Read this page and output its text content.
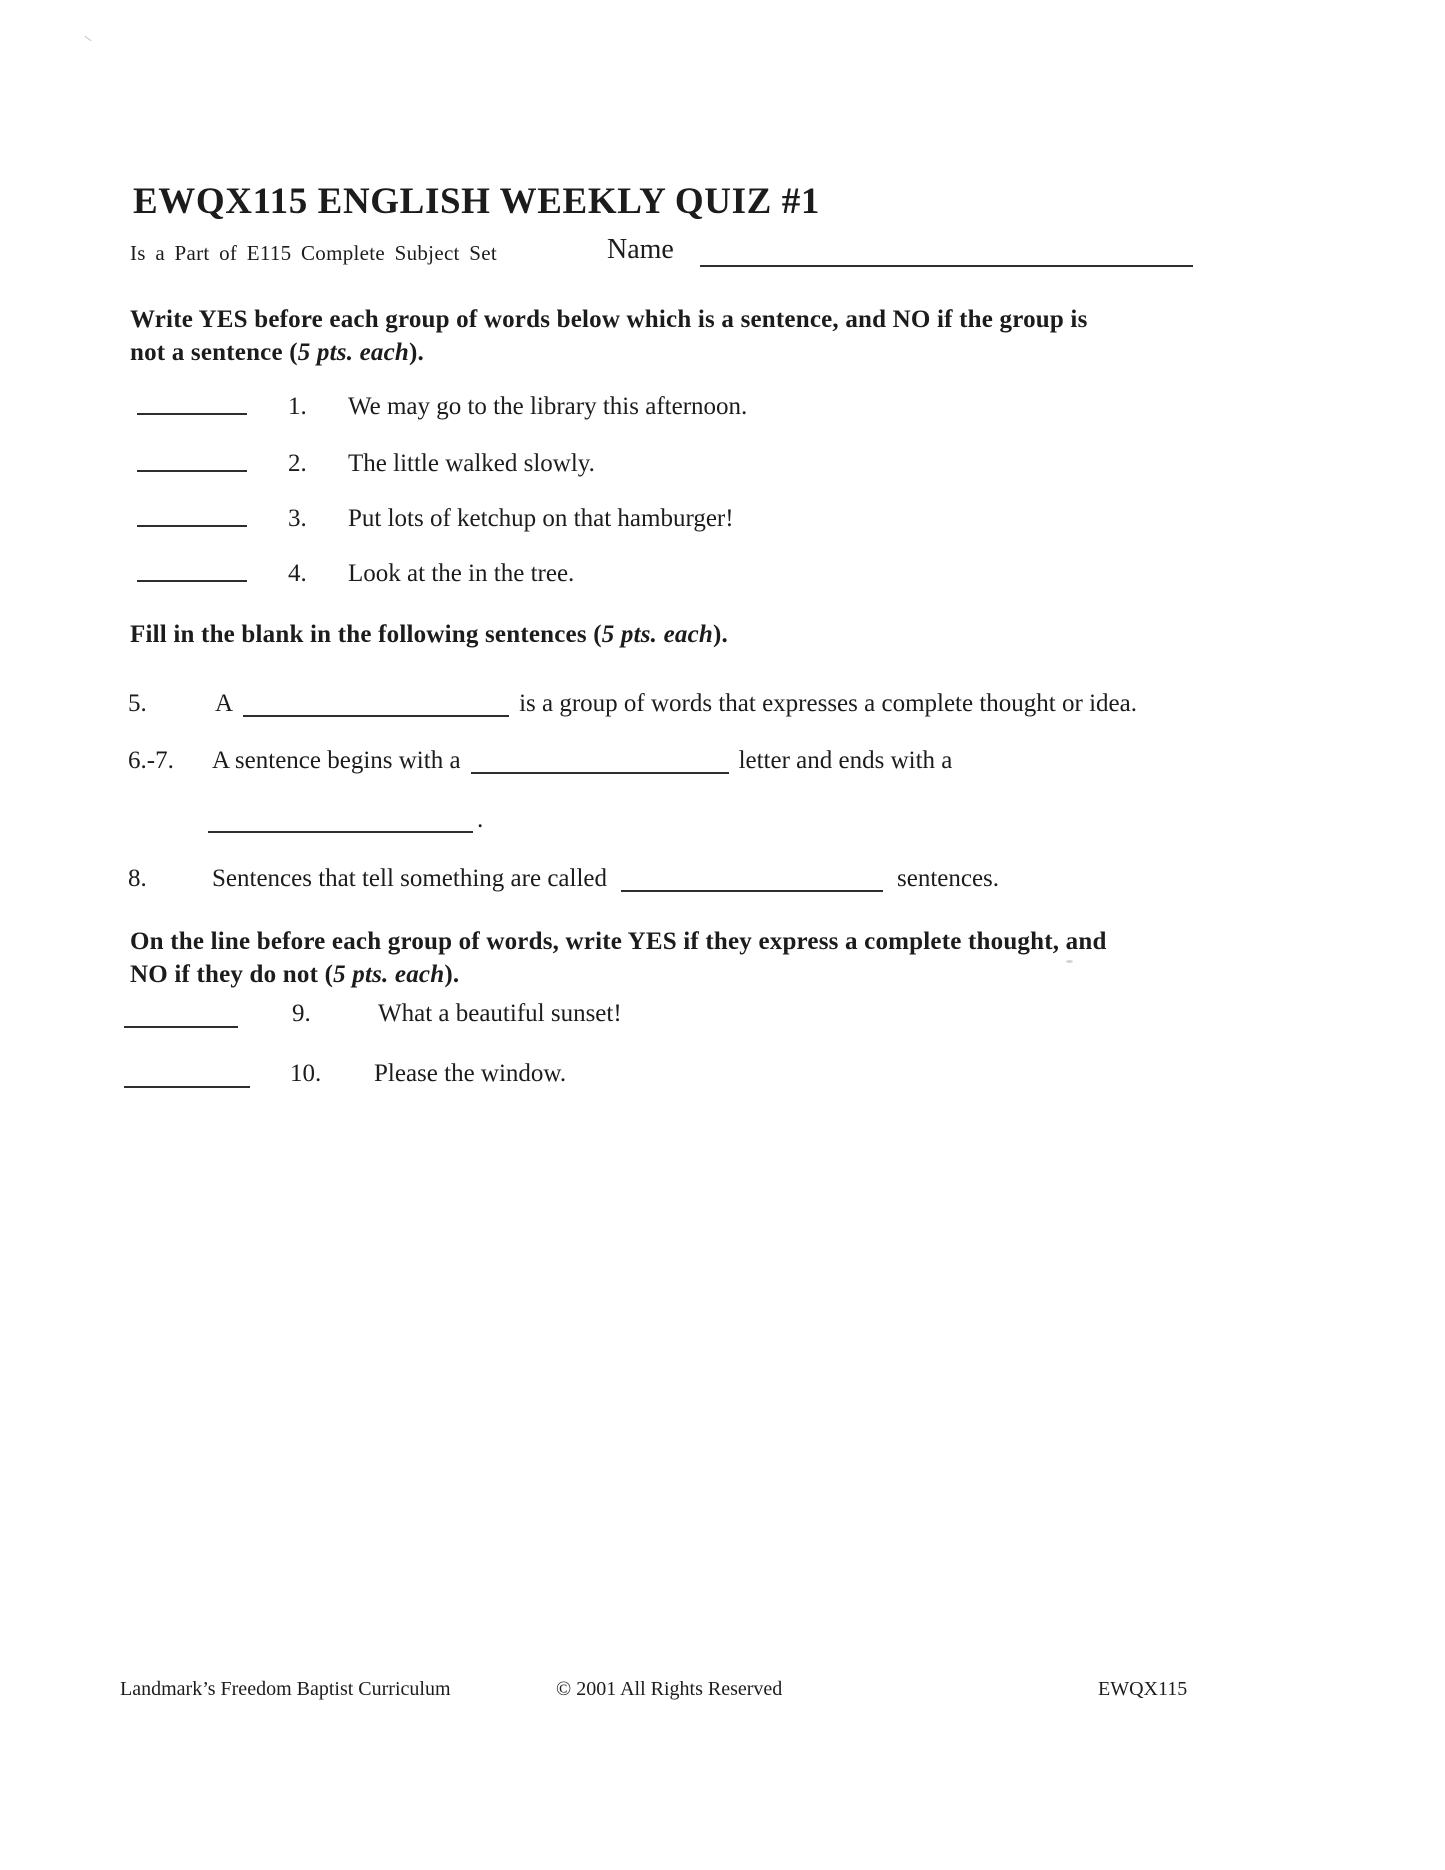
EWQX115 ENGLISH WEEKLY QUIZ #1
Is a Part of E115 Complete Subject Set	Name

Write YES before each group of words below which is a sentence, and NO if the group is
not a sentence (5 pts. each).

1. We may go to the library this afternoon.
2. The little walked slowly.
3. Put lots of ketchup on that hamburger!
4. Look at the in the tree.

Fill in the blank in the following sentences (5 pts. each).

5.	A	is a group of words that expresses a complete thought or idea.
6.-7. A sentence begins with a	letter and ends with a
.
8.	Sentences that tell something are called	sentences.

On the line before each group of words, write YES if they express a complete thought, and
NO if they do not (5 pts. each).

9.	What a beautiful sunset!
10. Please the window.
Landmark’s Freedom Baptist Curriculum	© 2001 All Rights Reserved	EWQX115
